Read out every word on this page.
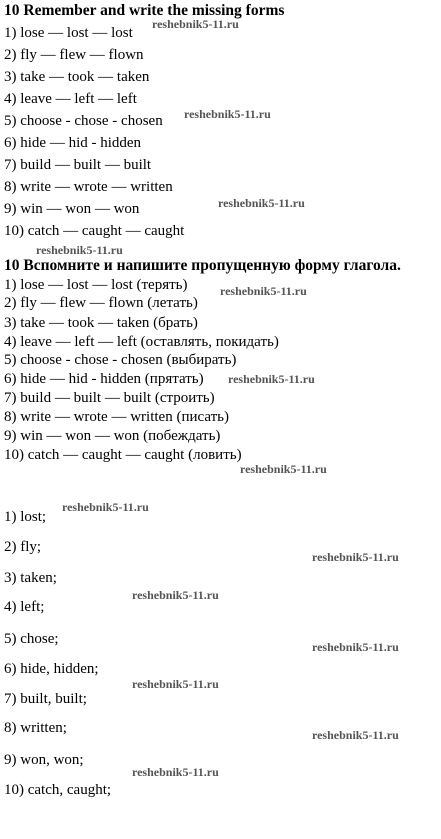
10 Remember and write the missing forms
1) lose — lost — lost
2) fly — flew — flown
3) take — took — taken
4) leave — left — left
5) choose - chose - chosen
6) hide — hid - hidden
7) build — built — built
8) write — wrote — written
9) win — won — won
10) catch — caught — caught
10 Вспомните и напишите пропущенную форму глагола.
1) lose — lost — lost (терять)
2) fly — flew — flown (летать)
3) take — took — taken (брать)
4) leave — left — left (оставлять, покидать)
5) choose - chose - chosen (выбирать)
6) hide — hid - hidden (прятать)
7) build — built — built (строить)
8) write — wrote — written (писать)
9) win — won — won (побеждать)
10) catch — caught — caught (ловить)
1) lost;
2) fly;
3) taken;
4) left;
5) chose;
6) hide, hidden;
7) built, built;
8) written;
9) won, won;
10) catch, caught;
reshebnik5-11.ru
reshebnik5-11.ru
reshebnik5-11.ru
reshebnik5-11.ru
reshebnik5-11.ru
reshebnik5-11.ru
reshebnik5-11.ru
reshebnik5-11.ru
reshebnik5-11.ru
reshebnik5-11.ru
reshebnik5-11.ru
reshebnik5-11.ru
reshebnik5-11.ru
reshebnik5-11.ru
